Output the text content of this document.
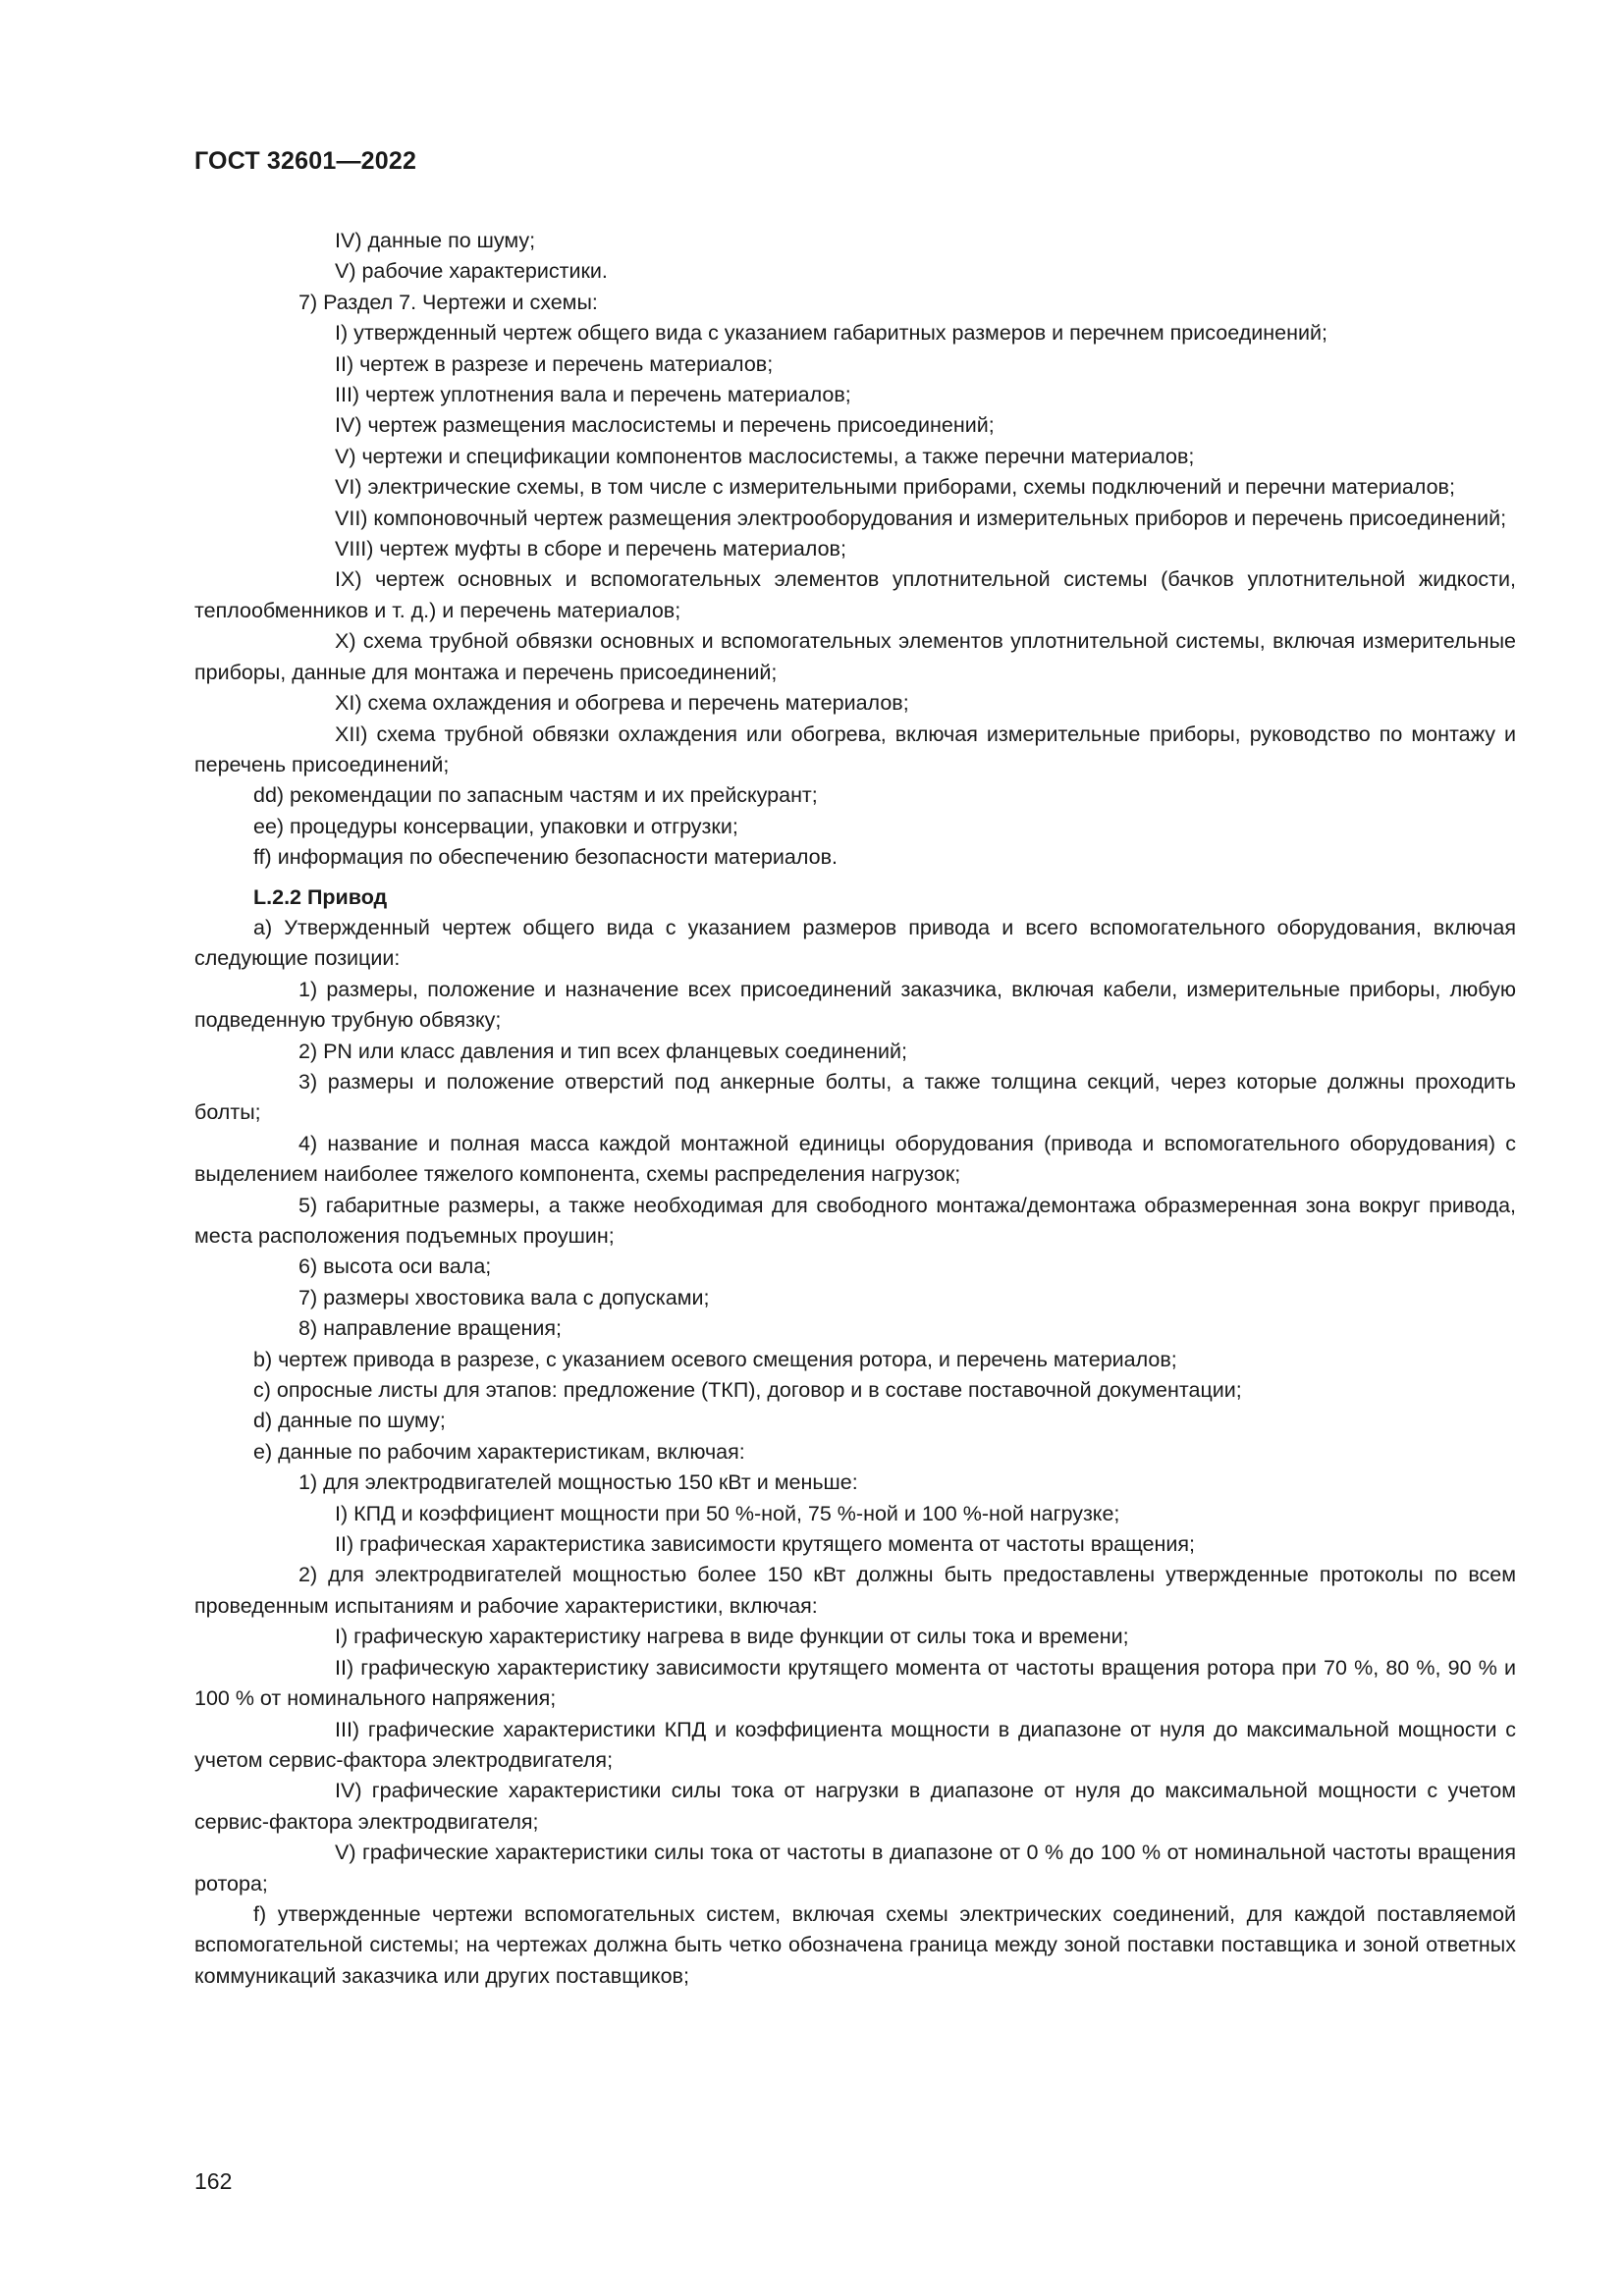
ГОСТ 32601—2022

IV) данные по шуму;

V) рабочие характеристики.

7) Раздел 7. Чертежи и схемы:

I) утвержденный чертеж общего вида с указанием габаритных размеров и перечнем присоединений;

II) чертеж в разрезе и перечень материалов;

III) чертеж уплотнения вала и перечень материалов;

IV) чертеж размещения маслосистемы и перечень присоединений;

V) чертежи и спецификации компонентов маслосистемы, а также перечни материалов;

VI) электрические схемы, в том числе с измерительными приборами, схемы подключений и перечни материалов;

VII) компоновочный чертеж размещения электрооборудования и измерительных приборов и перечень присоединений;

VIII) чертеж муфты в сборе и перечень материалов;

IX) чертеж основных и вспомогательных элементов уплотнительной системы (бачков уплотнительной жидкости, теплообменников и т. д.) и перечень материалов;

X) схема трубной обвязки основных и вспомогательных элементов уплотнительной системы, включая измерительные приборы, данные для монтажа и перечень присоединений;

XI) схема охлаждения и обогрева и перечень материалов;

XII) схема трубной обвязки охлаждения или обогрева, включая измерительные приборы, руководство по монтажу и перечень присоединений;

dd) рекомендации по запасным частям и их прейскурант;

ee) процедуры консервации, упаковки и отгрузки;

ff) информация по обеспечению безопасности материалов.

L.2.2 Привод

a) Утвержденный чертеж общего вида с указанием размеров привода и всего вспомогательного оборудования, включая следующие позиции:

1) размеры, положение и назначение всех присоединений заказчика, включая кабели, измерительные приборы, любую подведенную трубную обвязку;

2) PN или класс давления и тип всех фланцевых соединений;

3) размеры и положение отверстий под анкерные болты, а также толщина секций, через которые должны проходить болты;

4) название и полная масса каждой монтажной единицы оборудования (привода и вспомогательного оборудования) с выделением наиболее тяжелого компонента, схемы распределения нагрузок;

5) габаритные размеры, а также необходимая для свободного монтажа/демонтажа образмеренная зона вокруг привода, места расположения подъемных проушин;

6) высота оси вала;

7) размеры хвостовика вала с допусками;

8) направление вращения;

b) чертеж привода в разрезе, с указанием осевого смещения ротора, и перечень материалов;

c) опросные листы для этапов: предложение (ТКП), договор и в составе поставочной документации;

d) данные по шуму;

e) данные по рабочим характеристикам, включая:

1) для электродвигателей мощностью 150 кВт и меньше:

I) КПД и коэффициент мощности при 50 %-ной, 75 %-ной и 100 %-ной нагрузке;

II) графическая характеристика зависимости крутящего момента от частоты вращения;

2) для электродвигателей мощностью более 150 кВт должны быть предоставлены утвержденные протоколы по всем проведенным испытаниям и рабочие характеристики, включая:

I) графическую характеристику нагрева в виде функции от силы тока и времени;

II) графическую характеристику зависимости крутящего момента от частоты вращения ротора при 70 %, 80 %, 90 % и 100 % от номинального напряжения;

III) графические характеристики КПД и коэффициента мощности в диапазоне от нуля до максимальной мощности с учетом сервис-фактора электродвигателя;

IV) графические характеристики силы тока от нагрузки в диапазоне от нуля до максимальной мощности с учетом сервис-фактора электродвигателя;

V) графические характеристики силы тока от частоты в диапазоне от 0 % до 100 % от номинальной частоты вращения ротора;

f) утвержденные чертежи вспомогательных систем, включая схемы электрических соединений, для каждой поставляемой вспомогательной системы; на чертежах должна быть четко обозначена граница между зоной поставки поставщика и зоной ответных коммуникаций заказчика или других поставщиков;

162
